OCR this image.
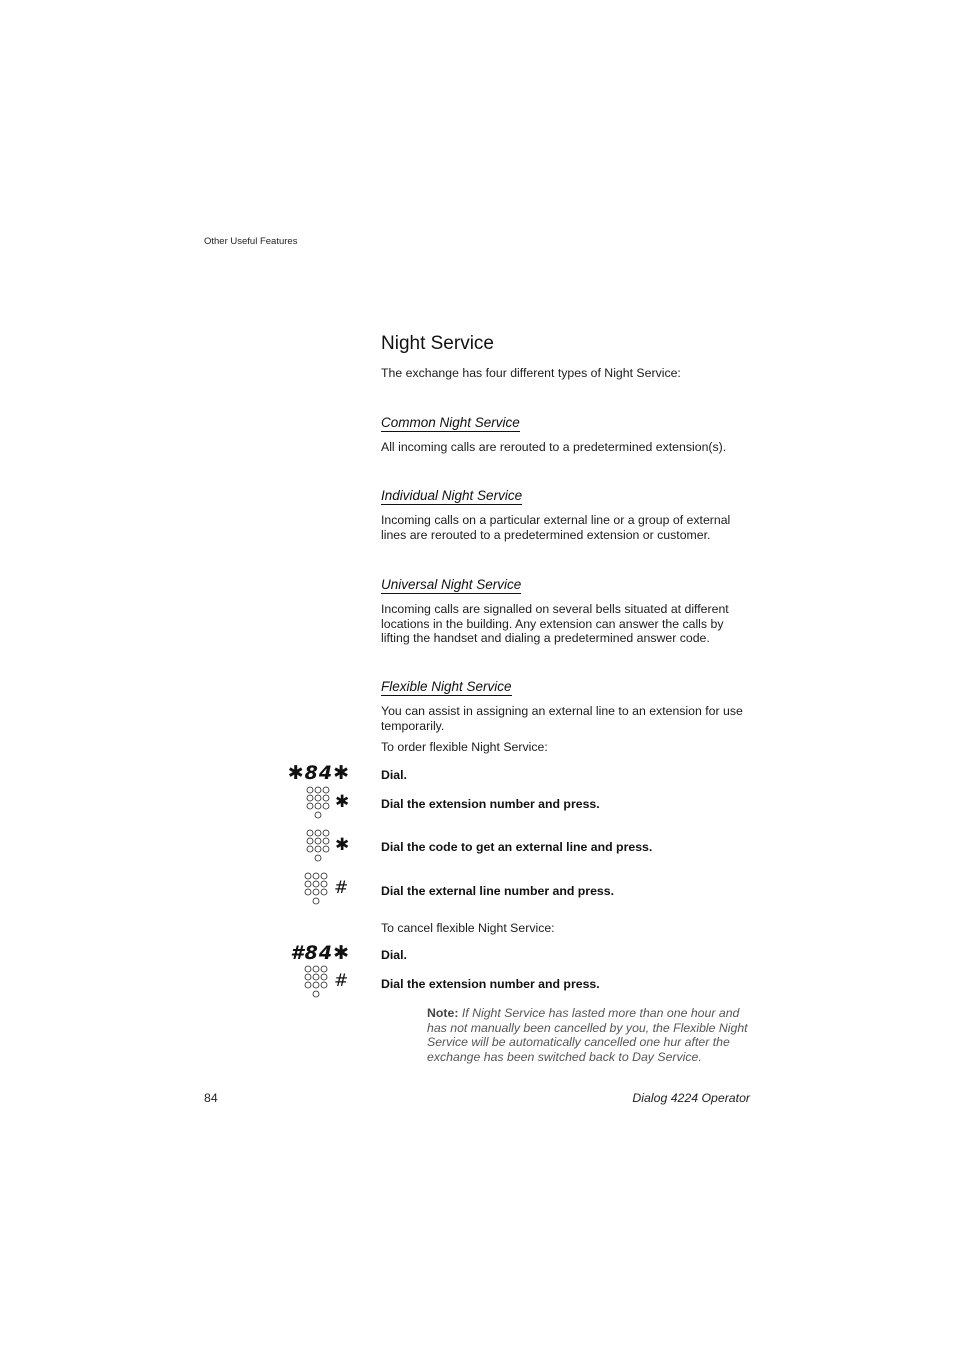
Other Useful Features
Night Service
The exchange has four different types of Night Service:
Common Night Service
All incoming calls are rerouted to a predetermined extension(s).
Individual Night Service
Incoming calls on a particular external line or a group of external lines are rerouted to a predetermined extension or customer.
Universal Night Service
Incoming calls are signalled on several bells situated at different locations in the building. Any extension can answer the calls by lifting the handset and dialing a predetermined answer code.
Flexible Night Service
You can assist in assigning an external line to an extension for use temporarily.
To order flexible Night Service:
✱84✱	Dial.
✱	Dial the extension number and press.
✱	Dial the code to get an external line and press.
#	Dial the external line number and press.
To cancel flexible Night Service:
#84✱	Dial.
#	Dial the extension number and press.
Note: If Night Service has lasted more than one hour and has not manually been cancelled by you, the Flexible Night Service will be automatically cancelled one hur after the exchange has been switched back to Day Service.
84	Dialog 4224 Operator
